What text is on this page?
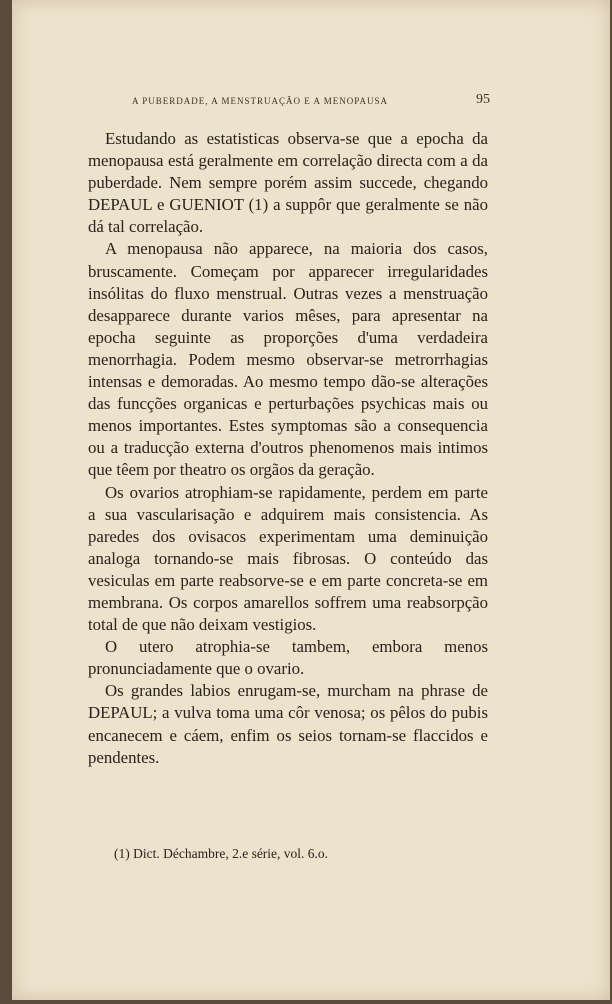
A PUBERDADE, A MENSTRUAÇÃO E A MENOPAUSA	95

Estudando as estatisticas observa-se que a epocha da menopausa está geralmente em correlação directa com a da puberdade. Nem sempre porém assim succede, chegando DEPAUL e GUENIOT (1) a suppôr que geralmente se não dá tal correlação.

A menopausa não apparece, na maioria dos casos, bruscamente. Começam por apparecer irregularidades insólitas do fluxo menstrual. Outras vezes a menstruação desapparece durante varios mêses, para apresentar na epocha seguinte as proporções d'uma verdadeira menorrhagia. Podem mesmo observar-se metrorrhagias intensas e demoradas. Ao mesmo tempo dão-se alterações das funcções organicas e perturbações psychicas mais ou menos importantes. Estes symptomas são a consequencia ou a traducção externa d'outros phenomenos mais intimos que têem por theatro os orgãos da geração.

Os ovarios atrophiam-se rapidamente, perdem em parte a sua vascularisação e adquirem mais consistencia. As paredes dos ovisacos experimentam uma deminuição analoga tornando-se mais fibrosas. O conteúdo das vesiculas em parte reabsorve-se e em parte concreta-se em membrana. Os corpos amarellos soffrem uma reabsorpção total de que não deixam vestigios.

O utero atrophia-se tambem, embora menos pronunciadamente que o ovario.

Os grandes labios enrugam-se, murcham na phrase de DEPAUL; a vulva toma uma côr venosa; os pêlos do pubis encanecem e cáem, enfim os seios tornam-se flaccidos e pendentes.

(1) Dict. Déchambre, 2.e série, vol. 6.o.
